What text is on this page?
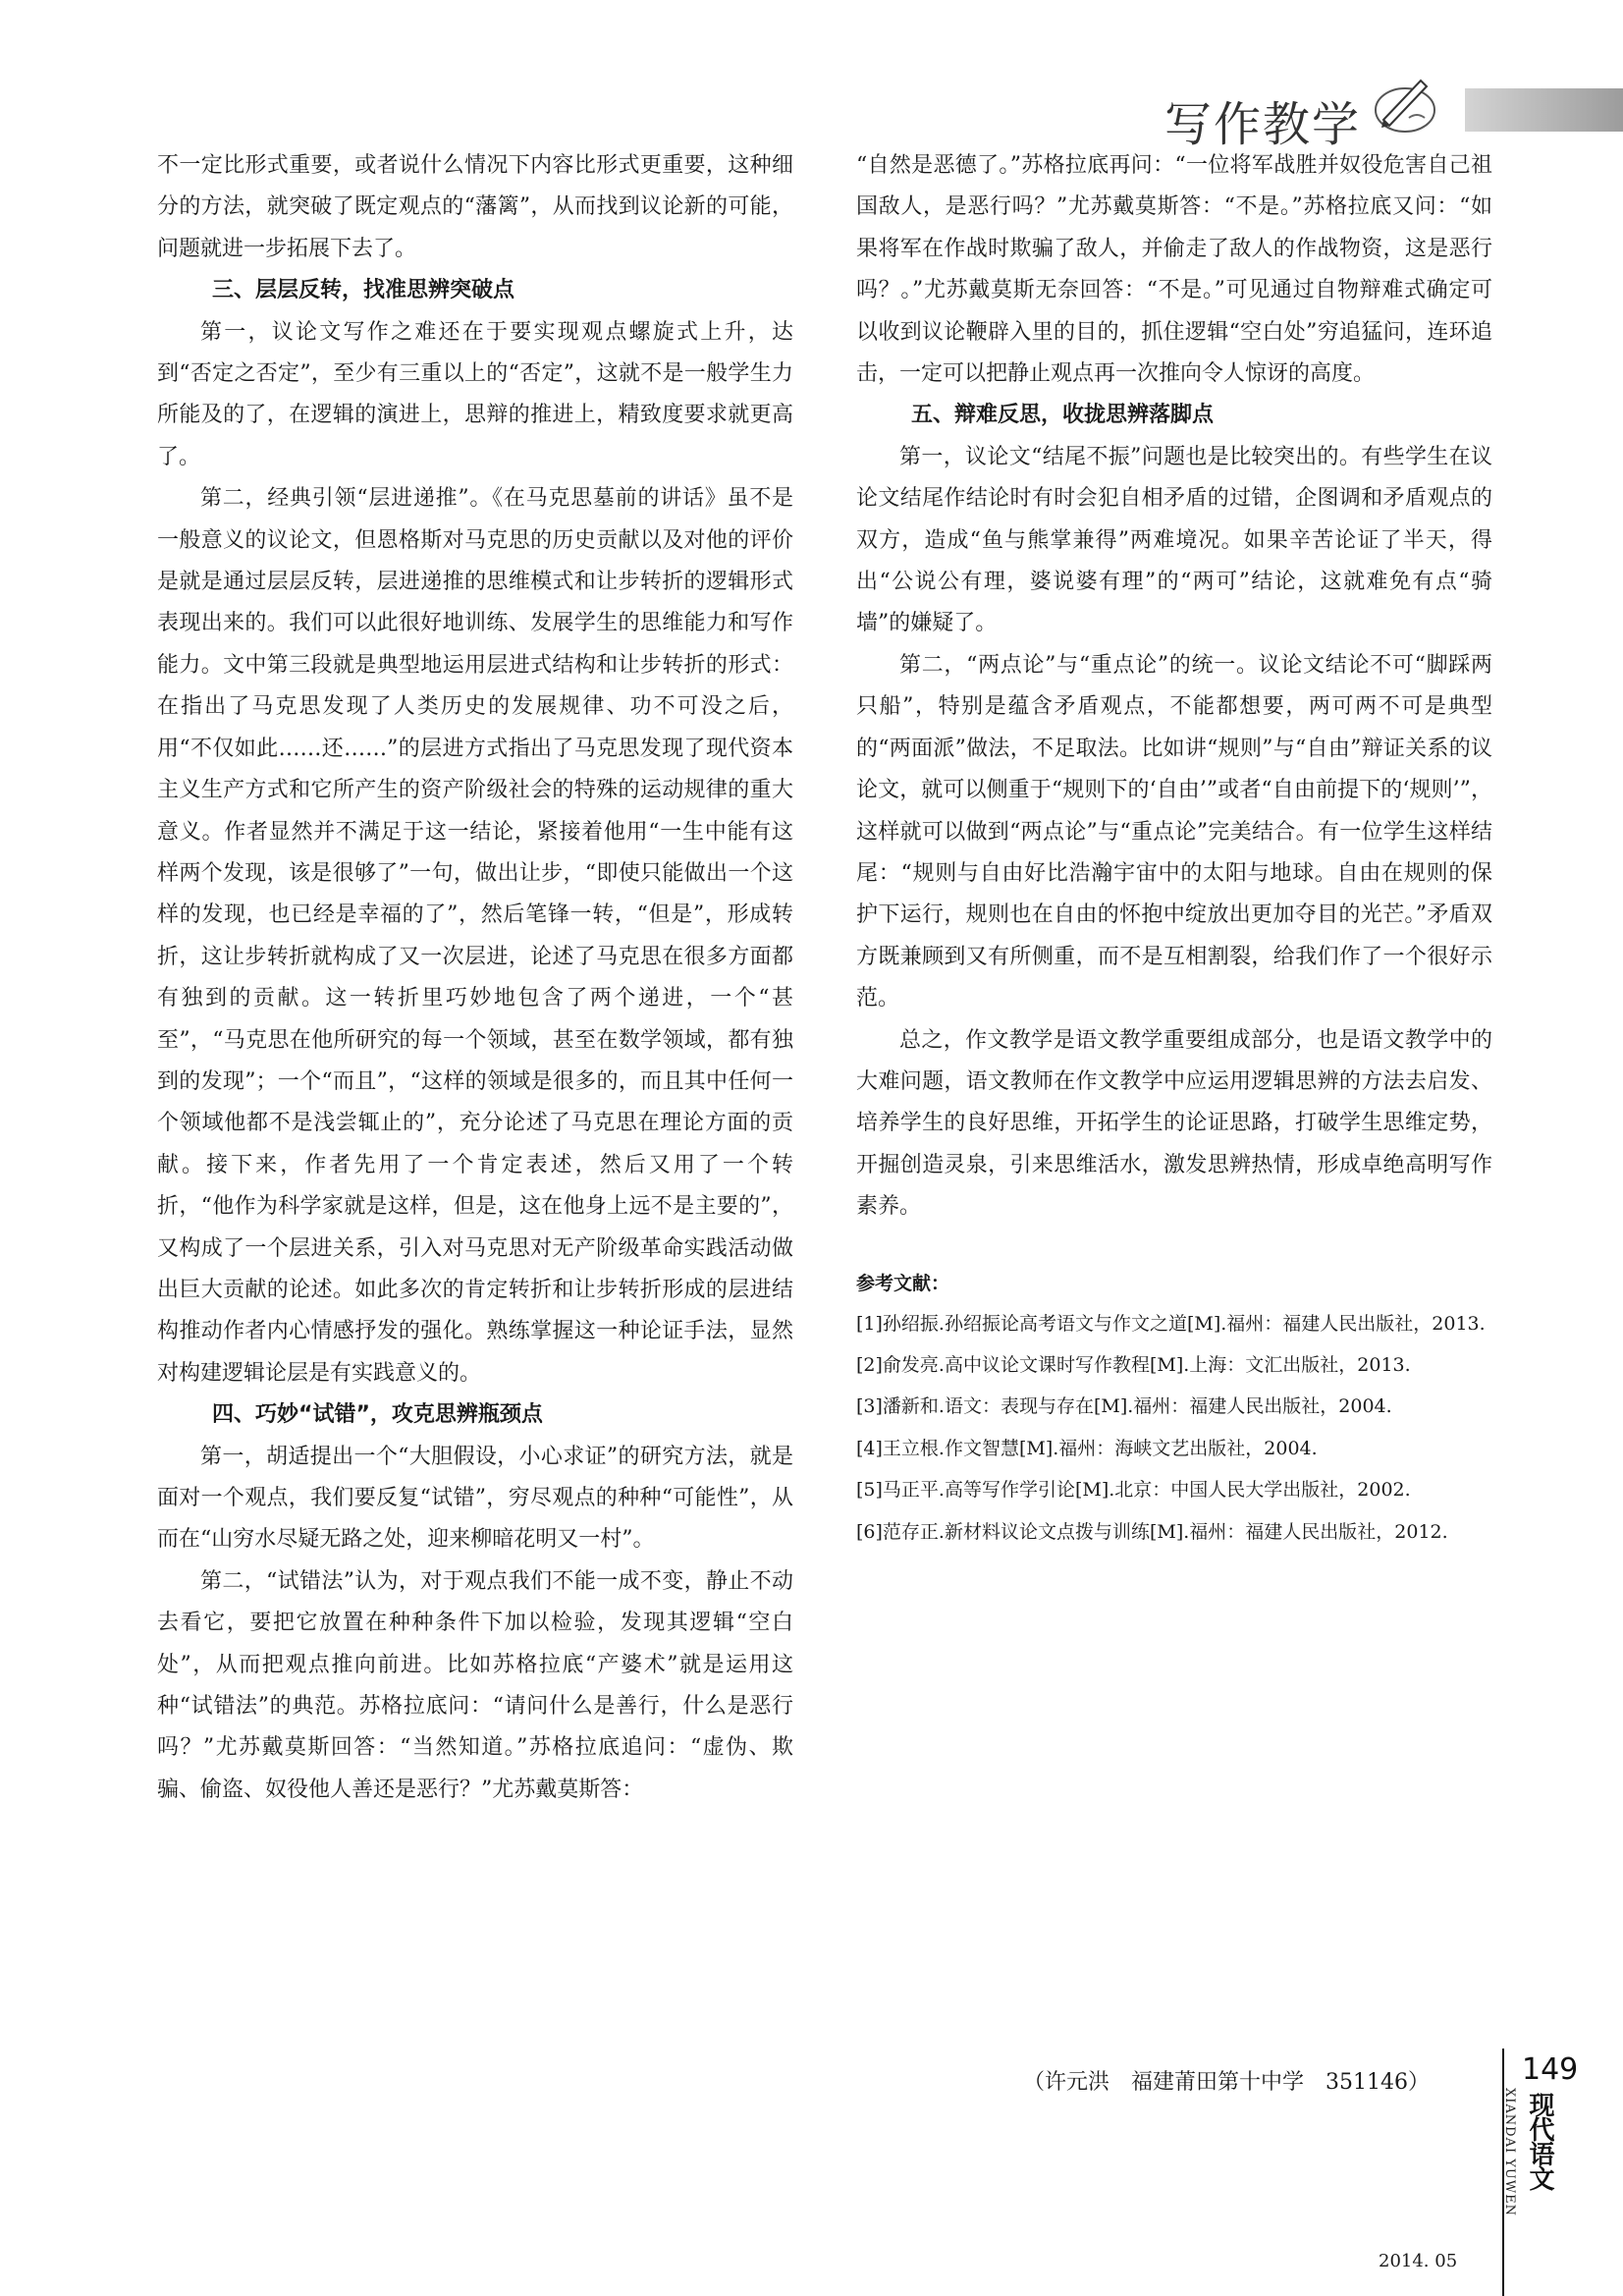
写作教学

不一定比形式重要，或者说什么情况下内容比形式更重要，这种细分的方法，就突破了既定观点的“藩篱”，从而找到议论新的可能，问题就进一步拓展下去了。

三、层层反转，找准思辨突破点

第一，议论文写作之难还在于要实现观点螺旋式上升，达到“否定之否定”，至少有三重以上的“否定”，这就不是一般学生力所能及的了，在逻辑的演进上，思辩的推进上，精致度要求就更高了。

第二，经典引领“层进递推”。《在马克思墓前的讲话》虽不是一般意义的议论文，但恩格斯对马克思的历史贡献以及对他的评价是就是通过层层反转，层进递推的思维模式和让步转折的逻辑形式表现出来的。我们可以此很好地训练、发展学生的思维能力和写作能力。文中第三段就是典型地运用层进式结构和让步转折的形式：在指出了马克思发现了人类历史的发展规律、功不可没之后，用“不仅如此……还……”的层进方式指出了马克思发现了现代资本主义生产方式和它所产生的资产阶级社会的特殊的运动规律的重大意义。作者显然并不满足于这一结论，紧接着他用“一生中能有这样两个发现，该是很够了”一句，做出让步，“即使只能做出一个这样的发现，也已经是幸福的了”，然后笔锋一转，“但是”，形成转折，这让步转折就构成了又一次层进，论述了马克思在很多方面都有独到的贡献。这一转折里巧妙地包含了两个递进，一个“甚至”，“马克思在他所研究的每一个领域，甚至在数学领域，都有独到的发现”；一个“而且”，“这样的领域是很多的，而且其中任何一个领域他都不是浅尝辄止的”，充分论述了马克思在理论方面的贡献。接下来，作者先用了一个肯定表述，然后又用了一个转折，“他作为科学家就是这样，但是，这在他身上远不是主要的”，又构成了一个层进关系，引入对马克思对无产阶级革命实践活动做出巨大贡献的论述。如此多次的肯定转折和让步转折形成的层进结构推动作者内心情感抒发的强化。熟练掌握这一种论证手法，显然对构建逻辑论层是有实践意义的。

四、巧妙“试错”，攻克思辨瓶颈点

第一，胡适提出一个“大胆假设，小心求证”的研究方法，就是面对一个观点，我们要反复“试错”，穷尽观点的种种“可能性”，从而在“山穷水尽疑无路之处，迎来柳暗花明又一村”。

第二，“试错法”认为，对于观点我们不能一成不变，静止不动去看它，要把它放置在种种条件下加以检验，发现其逻辑“空白处”，从而把观点推向前进。比如苏格拉底“产婆术”就是运用这种“试错法”的典范。苏格拉底问：“请问什么是善行，什么是恶行吗？”尤苏戴莫斯回答：“当然知道。”苏格拉底追问：“虚伪、欺骗、偷盗、奴役他人善还是恶行？”尤苏戴莫斯答：

“自然是恶德了。”苏格拉底再问：“一位将军战胜并奴役危害自己祖国敌人，是恶行吗？”尤苏戴莫斯答：“不是。”苏格拉底又问：“如果将军在作战时欺骗了敌人，并偷走了敌人的作战物资，这是恶行吗？。”尤苏戴莫斯无奈回答：“不是。”可见通过自物辩难式确定可以收到议论鞭辟入里的目的，抓住逻辑“空白处”穷追猛问，连环追击，一定可以把静止观点再一次推向令人惊讶的高度。

五、辩难反思，收拢思辨落脚点

第一，议论文“结尾不振”问题也是比较突出的。有些学生在议论文结尾作结论时有时会犯自相矛盾的过错，企图调和矛盾观点的双方，造成“鱼与熊掌兼得”两难境况。如果辛苦论证了半天，得出“公说公有理，婆说婆有理”的“两可”结论，这就难免有点“骑墙”的嫌疑了。

第二，“两点论”与“重点论”的统一。议论文结论不可“脚踩两只船”，特别是蕴含矛盾观点，不能都想要，两可两不可是典型的“两面派”做法，不足取法。比如讲“规则”与“自由”辩证关系的议论文，就可以侧重于“规则下的‘自由’”或者“自由前提下的‘规则’”，这样就可以做到“两点论”与“重点论”完美结合。有一位学生这样结尾：“规则与自由好比浩瀚宇宙中的太阳与地球。自由在规则的保护下运行，规则也在自由的怀抱中绽放出更加夺目的光芒。”矛盾双方既兼顾到又有所侧重，而不是互相割裂，给我们作了一个很好示范。

总之，作文教学是语文教学重要组成部分，也是语文教学中的大难问题，语文教师在作文教学中应运用逻辑思辨的方法去启发、培养学生的良好思维，开拓学生的论证思路，打破学生思维定势，开掘创造灵泉，引来思维活水，激发思辨热情，形成卓绝高明写作素养。

参考文献：

[1]孙绍振.孙绍振论高考语文与作文之道[M].福州：福建人民出版社，2013.
[2]俞发亮.高中议论文课时写作教程[M].上海：文汇出版社，2013.
[3]潘新和.语文：表现与存在[M].福州：福建人民出版社，2004.
[4]王立根.作文智慧[M].福州：海峡文艺出版社，2004.
[5]马正平.高等写作学引论[M].北京：中国人民大学出版社，2002.
[6]范存正.新材料议论文点拨与训练[M].福州：福建人民出版社，2012.
（许元洪　福建莆田第十中学　351146）	149
XIANDAI YUWEN 现代语文
2014. 05
